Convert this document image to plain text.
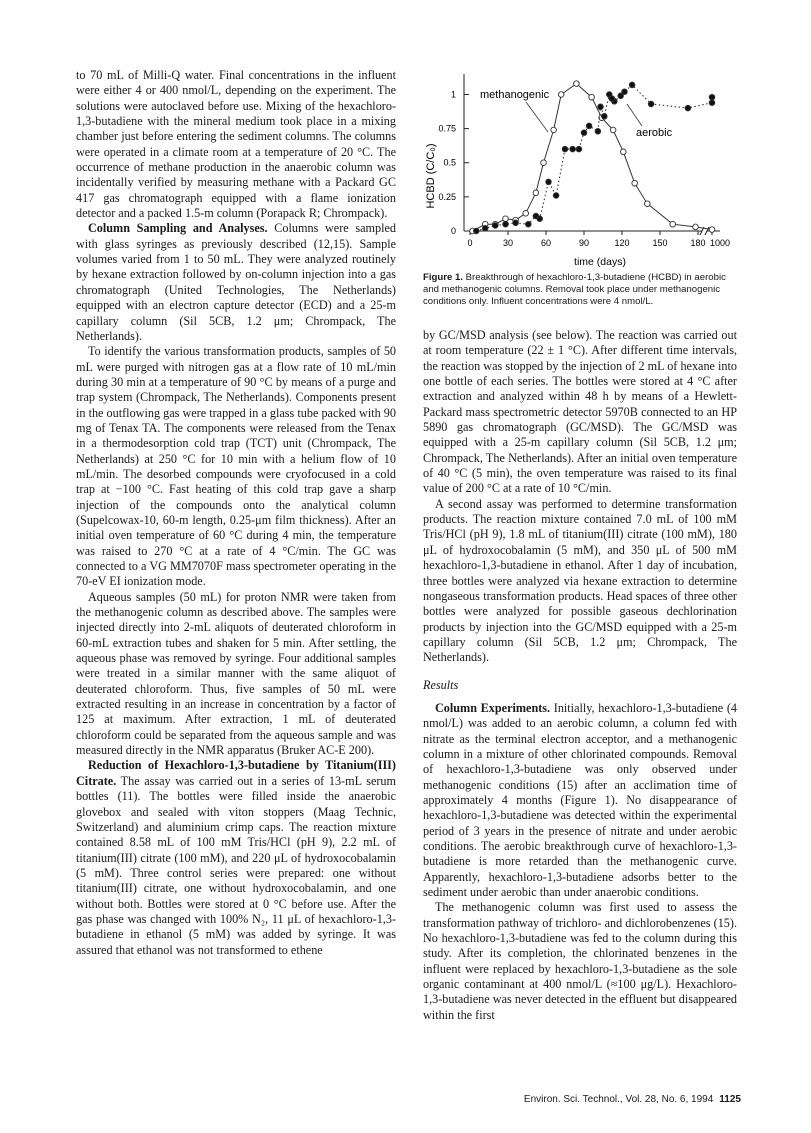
to 70 mL of Milli-Q water. Final concentrations in the influent were either 4 or 400 nmol/L, depending on the experiment. The solutions were autoclaved before use. Mixing of the hexachloro-1,3-butadiene with the mineral medium took place in a mixing chamber just before entering the sediment columns. The columns were operated in a climate room at a temperature of 20 °C. The occurrence of methane production in the anaerobic column was incidentally verified by measuring methane with a Packard GC 417 gas chromatograph equipped with a flame ionization detector and a packed 1.5-m column (Porapack R; Chrompack).

Column Sampling and Analyses. Columns were sampled with glass syringes as previously described (12,15). Sample volumes varied from 1 to 50 mL. They were analyzed routinely by hexane extraction followed by on-column injection into a gas chromatograph (United Technologies, The Netherlands) equipped with an electron capture detector (ECD) and a 25-m capillary column (Sil 5CB, 1.2 μm; Chrompack, The Netherlands).

To identify the various transformation products, samples of 50 mL were purged with nitrogen gas at a flow rate of 10 mL/min during 30 min at a temperature of 90 °C by means of a purge and trap system (Chrompack, The Netherlands). Components present in the outflowing gas were trapped in a glass tube packed with 90 mg of Tenax TA. The components were released from the Tenax in a thermodesorption cold trap (TCT) unit (Chrompack, The Netherlands) at 250 °C for 10 min with a helium flow of 10 mL/min. The desorbed compounds were cryofocused in a cold trap at −100 °C. Fast heating of this cold trap gave a sharp injection of the compounds onto the analytical column (Supelcowax-10, 60-m length, 0.25-μm film thickness). After an initial oven temperature of 60 °C during 4 min, the temperature was raised to 270 °C at a rate of 4 °C/min. The GC was connected to a VG MM7070F mass spectrometer operating in the 70-eV EI ionization mode.

Aqueous samples (50 mL) for proton NMR were taken from the methanogenic column as described above. The samples were injected directly into 2-mL aliquots of deuterated chloroform in 60-mL extraction tubes and shaken for 5 min. After settling, the aqueous phase was removed by syringe. Four additional samples were treated in a similar manner with the same aliquot of deuterated chloroform. Thus, five samples of 50 mL were extracted resulting in an increase in concentration by a factor of 125 at maximum. After extraction, 1 mL of deuterated chloroform could be separated from the aqueous sample and was measured directly in the NMR apparatus (Bruker AC-E 200).

Reduction of Hexachloro-1,3-butadiene by Titanium(III) Citrate. The assay was carried out in a series of 13-mL serum bottles (11). The bottles were filled inside the anaerobic glovebox and sealed with viton stoppers (Maag Technic, Switzerland) and aluminium crimp caps. The reaction mixture contained 8.58 mL of 100 mM Tris/HCl (pH 9), 2.2 mL of titanium(III) citrate (100 mM), and 220 μL of hydroxocobalamin (5 mM). Three control series were prepared: one without titanium(III) citrate, one without hydroxocobalamin, and one without both. Bottles were stored at 0 °C before use. After the gas phase was changed with 100% N₂, 11 μL of hexachloro-1,3-butadiene in ethanol (5 mM) was added by syringe. It was assured that ethanol was not transformed to ethene

0
0.25
0.5
0.75
1
0	30	60	90	120	150	180 1000
methanogenic
aerobic
HCBD (C/C₀)
time (days)
Figure 1. Breakthrough of hexachloro-1,3-butadiene (HCBD) in aerobic and methanogenic columns. Removal took place under methanogenic conditions only. Influent concentrations were 4 nmol/L.

by GC/MSD analysis (see below). The reaction was carried out at room temperature (22 ± 1 °C). After different time intervals, the reaction was stopped by the injection of 2 mL of hexane into one bottle of each series. The bottles were stored at 4 °C after extraction and analyzed within 48 h by means of a Hewlett-Packard mass spectrometric detector 5970B connected to an HP 5890 gas chromatograph (GC/MSD). The GC/MSD was equipped with a 25-m capillary column (Sil 5CB, 1.2 μm; Chrompack, The Netherlands). After an initial oven temperature of 40 °C (5 min), the oven temperature was raised to its final value of 200 °C at a rate of 10 °C/min.

A second assay was performed to determine transformation products. The reaction mixture contained 7.0 mL of 100 mM Tris/HCl (pH 9), 1.8 mL of titanium(III) citrate (100 mM), 180 μL of hydroxocobalamin (5 mM), and 350 μL of 500 mM hexachloro-1,3-butadiene in ethanol. After 1 day of incubation, three bottles were analyzed via hexane extraction to determine nongaseous transformation products. Head spaces of three other bottles were analyzed for possible gaseous dechlorination products by injection into the GC/MSD equipped with a 25-m capillary column (Sil 5CB, 1.2 μm; Chrompack, The Netherlands).

Results

Column Experiments. Initially, hexachloro-1,3-butadiene (4 nmol/L) was added to an aerobic column, a column fed with nitrate as the terminal electron acceptor, and a methanogenic column in a mixture of other chlorinated compounds. Removal of hexachloro-1,3-butadiene was only observed under methanogenic conditions (15) after an acclimation time of approximately 4 months (Figure 1). No disappearance of hexachloro-1,3-butadiene was detected within the experimental period of 3 years in the presence of nitrate and under aerobic conditions. The aerobic breakthrough curve of hexachloro-1,3-butadiene is more retarded than the methanogenic curve. Apparently, hexachloro-1,3-butadiene adsorbs better to the sediment under aerobic than under anaerobic conditions.

The methanogenic column was first used to assess the transformation pathway of trichloro- and dichlorobenzenes (15). No hexachloro-1,3-butadiene was fed to the column during this study. After its completion, the chlorinated benzenes in the influent were replaced by hexachloro-1,3-butadiene as the sole organic contaminant at 400 nmol/L (≈100 μg/L). Hexachloro-1,3-butadiene was never detected in the effluent but disappeared within the first

Environ. Sci. Technol., Vol. 28, No. 6, 1994 1125
